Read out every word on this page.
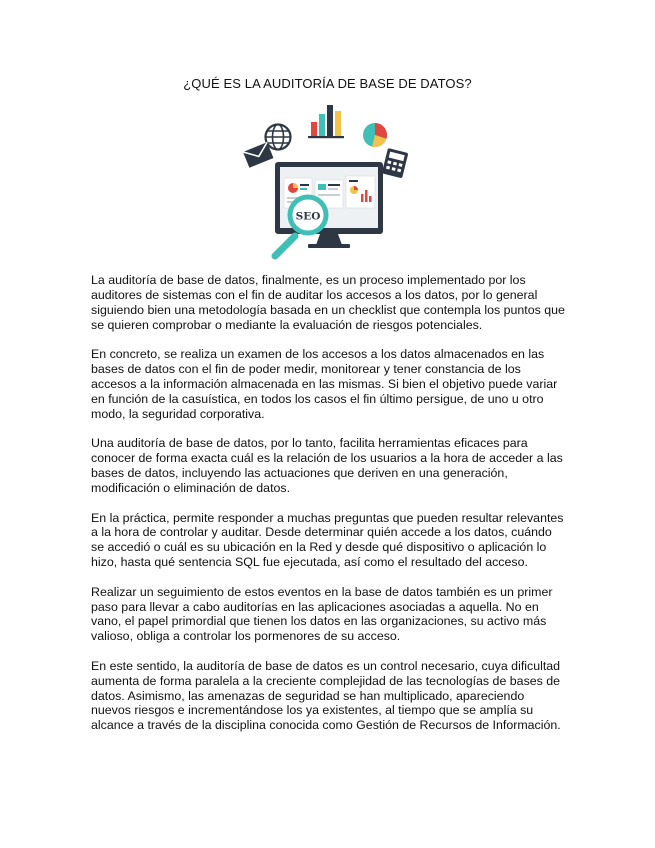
¿QUÉ ES LA AUDITORÍA DE BASE DE DATOS?
SEO

La auditoría de base de datos, finalmente, es un proceso implementado por los auditores de sistemas con el fin de auditar los accesos a los datos, por lo general siguiendo bien una metodología basada en un checklist que contempla los puntos que se quieren comprobar o mediante la evaluación de riesgos potenciales.

En concreto, se realiza un examen de los accesos a los datos almacenados en las bases de datos con el fin de poder medir, monitorear y tener constancia de los accesos a la información almacenada en las mismas. Si bien el objetivo puede variar en función de la casuística, en todos los casos el fin último persigue, de uno u otro modo, la seguridad corporativa.

Una auditoría de base de datos, por lo tanto, facilita herramientas eficaces para conocer de forma exacta cuál es la relación de los usuarios a la hora de acceder a las bases de datos, incluyendo las actuaciones que deriven en una generación, modificación o eliminación de datos.

En la práctica, permite responder a muchas preguntas que pueden resultar relevantes a la hora de controlar y auditar. Desde determinar quién accede a los datos, cuándo se accedió o cuál es su ubicación en la Red y desde qué dispositivo o aplicación lo hizo, hasta qué sentencia SQL fue ejecutada, así como el resultado del acceso.

Realizar un seguimiento de estos eventos en la base de datos también es un primer paso para llevar a cabo auditorías en las aplicaciones asociadas a aquella. No en vano, el papel primordial que tienen los datos en las organizaciones, su activo más valioso, obliga a controlar los pormenores de su acceso.

En este sentido, la auditoría de base de datos es un control necesario, cuya dificultad aumenta de forma paralela a la creciente complejidad de las tecnologías de bases de datos. Asimismo, las amenazas de seguridad se han multiplicado, apareciendo nuevos riesgos e incrementándose los ya existentes, al tiempo que se amplía su alcance a través de la disciplina conocida como Gestión de Recursos de Información.
